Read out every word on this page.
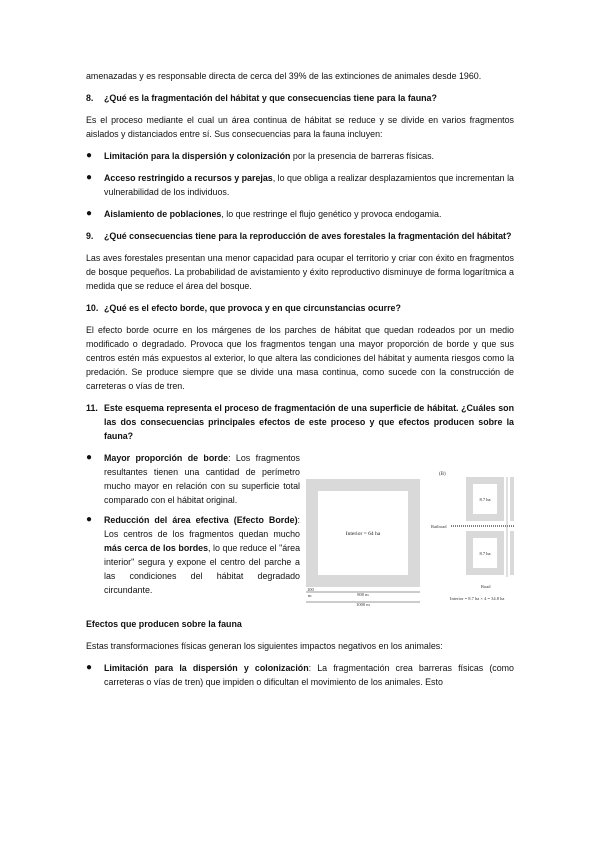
amenazadas y es responsable directa de cerca del 39% de las extinciones de animales desde 1960.

8.	¿Qué es la fragmentación del hábitat y que consecuencias tiene para la fauna?

Es el proceso mediante el cual un área continua de hábitat se reduce y se divide en varios fragmentos aislados y distanciados entre sí. Sus consecuencias para la fauna incluyen:

●	Limitación para la dispersión y colonización por la presencia de barreras físicas.
●	Acceso restringido a recursos y parejas, lo que obliga a realizar desplazamientos que incrementan la vulnerabilidad de los individuos.
●	Aislamiento de poblaciones, lo que restringe el flujo genético y provoca endogamia.
9.	¿Qué consecuencias tiene para la reproducción de aves forestales la fragmentación del hábitat?

Las aves forestales presentan una menor capacidad para ocupar el territorio y criar con éxito en fragmentos de bosque pequeños. La probabilidad de avistamiento y éxito reproductivo disminuye de forma logarítmica a medida que se reduce el área del bosque.

10. ¿Qué es el efecto borde, que provoca y en que circunstancias ocurre?

El efecto borde ocurre en los márgenes de los parches de hábitat que quedan rodeados por un medio modificado o degradado. Provoca que los fragmentos tengan una mayor proporción de borde y que sus centros estén más expuestos al exterior, lo que altera las condiciones del hábitat y aumenta riesgos como la predación. Se produce siempre que se divide una masa continua, como sucede con la construcción de carreteras o vías de tren.

11. Este esquema representa el proceso de fragmentación de una superficie de hábitat. ¿Cuáles son las dos consecuencias principales efectos de este proceso y que efectos producen sobre la fauna?
●	Mayor proporción de borde: Los fragmentos resultantes tienen una cantidad de perímetro mucho mayor en relación con su superficie total comparado con el hábitat original.
●	Reducción del área efectiva (Efecto Borde): Los centros de los fragmentos quedan mucho más cerca de los bordes, lo que reduce el "área interior" segura y expone el centro del parche a las condiciones del hábitat degradado circundante.
Interior = 64 ha
100
m	800 m
1000 m
(B)
8.7 ha
8.7 ha
Railroad
Road
Interior = 8.7 ha × 4 = 34.8 ha
Efectos que producen sobre la fauna

Estas transformaciones físicas generan los siguientes impactos negativos en los animales:

●	Limitación para la dispersión y colonización: La fragmentación crea barreras físicas (como carreteras o vías de tren) que impiden o dificultan el movimiento de los animales. Esto
